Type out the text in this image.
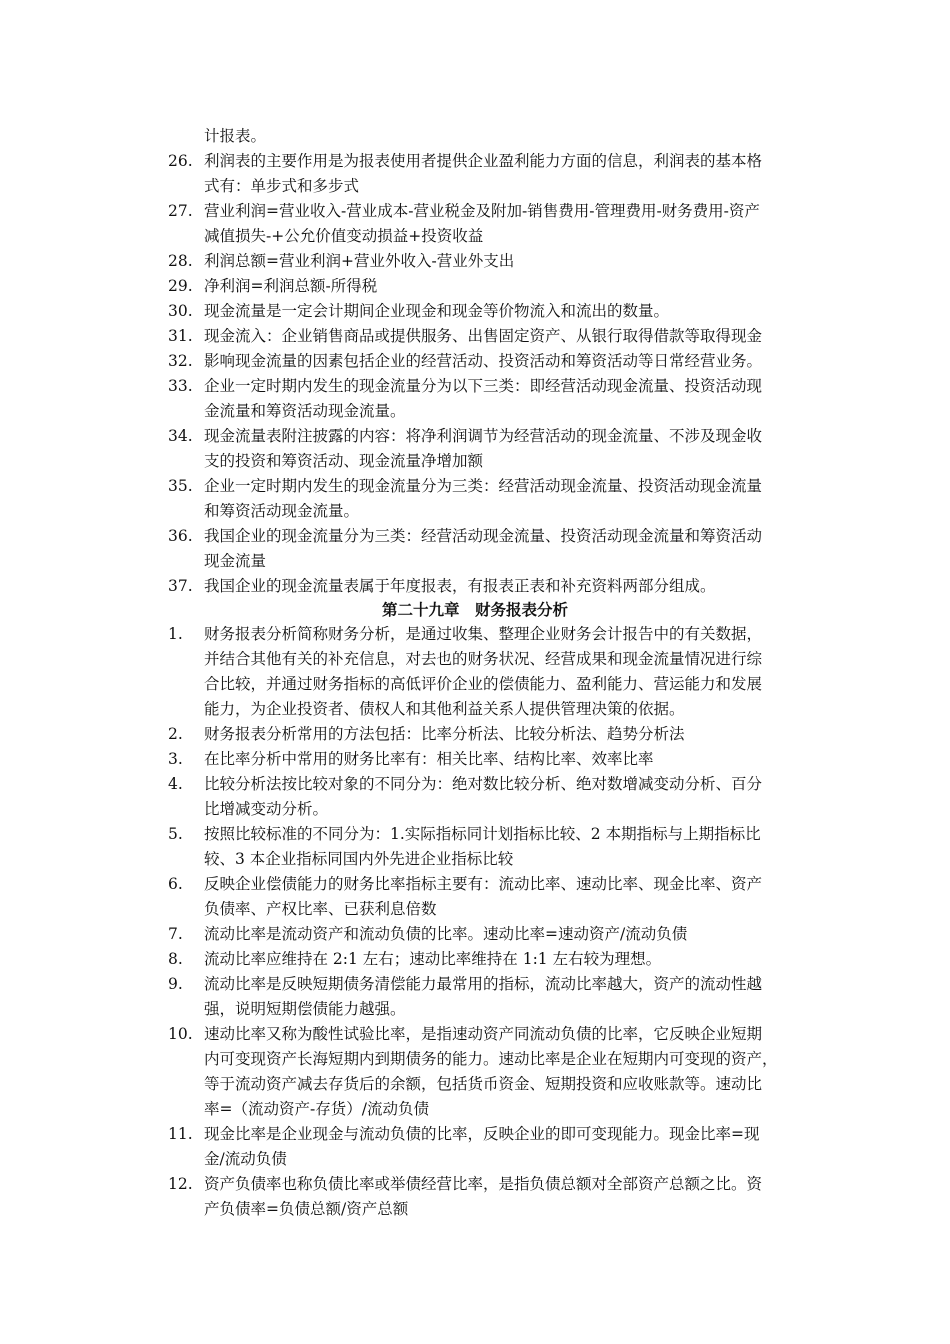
计报表。
26. 利润表的主要作用是为报表使用者提供企业盈利能力方面的信息，利润表的基本格
式有：单步式和多步式
27. 营业利润=营业收入-营业成本-营业税金及附加-销售费用-管理费用-财务费用-资产
减值损失-+公允价值变动损益+投资收益
28. 利润总额=营业利润+营业外收入-营业外支出
29. 净利润=利润总额-所得税
30. 现金流量是一定会计期间企业现金和现金等价物流入和流出的数量。
31. 现金流入：企业销售商品或提供服务、出售固定资产、从银行取得借款等取得现金
32. 影响现金流量的因素包括企业的经营活动、投资活动和筹资活动等日常经营业务。
33. 企业一定时期内发生的现金流量分为以下三类：即经营活动现金流量、投资活动现
金流量和筹资活动现金流量。
34. 现金流量表附注披露的内容：将净利润调节为经营活动的现金流量、不涉及现金收
支的投资和筹资活动、现金流量净增加额
35. 企业一定时期内发生的现金流量分为三类：经营活动现金流量、投资活动现金流量
和筹资活动现金流量。
36. 我国企业的现金流量分为三类：经营活动现金流量、投资活动现金流量和筹资活动
现金流量
37. 我国企业的现金流量表属于年度报表，有报表正表和补充资料两部分组成。
第二十九章　财务报表分析
1.	财务报表分析简称财务分析，是通过收集、整理企业财务会计报告中的有关数据，
并结合其他有关的补充信息，对去也的财务状况、经营成果和现金流量情况进行综
合比较，并通过财务指标的高低评价企业的偿债能力、盈利能力、营运能力和发展
能力，为企业投资者、债权人和其他利益关系人提供管理决策的依据。
2.	财务报表分析常用的方法包括：比率分析法、比较分析法、趋势分析法
3.	在比率分析中常用的财务比率有：相关比率、结构比率、效率比率
4.	比较分析法按比较对象的不同分为：绝对数比较分析、绝对数增减变动分析、百分
比增减变动分析。
5.	按照比较标准的不同分为：1.实际指标同计划指标比较、2 本期指标与上期指标比
较、3 本企业指标同国内外先进企业指标比较
6.	反映企业偿债能力的财务比率指标主要有：流动比率、速动比率、现金比率、资产
负债率、产权比率、已获利息倍数
7.	流动比率是流动资产和流动负债的比率。速动比率=速动资产/流动负债
8.	流动比率应维持在 2:1 左右；速动比率维持在 1:1 左右较为理想。
9.	流动比率是反映短期债务清偿能力最常用的指标，流动比率越大，资产的流动性越
强，说明短期偿债能力越强。
10. 速动比率又称为酸性试验比率，是指速动资产同流动负债的比率，它反映企业短期
内可变现资产长海短期内到期债务的能力。速动比率是企业在短期内可变现的资产，
等于流动资产减去存货后的余额，包括货币资金、短期投资和应收账款等。速动比
率=（流动资产-存货）/流动负债
11. 现金比率是企业现金与流动负债的比率，反映企业的即可变现能力。现金比率=现
金/流动负债
12. 资产负债率也称负债比率或举债经营比率，是指负债总额对全部资产总额之比。资
产负债率=负债总额/资产总额
